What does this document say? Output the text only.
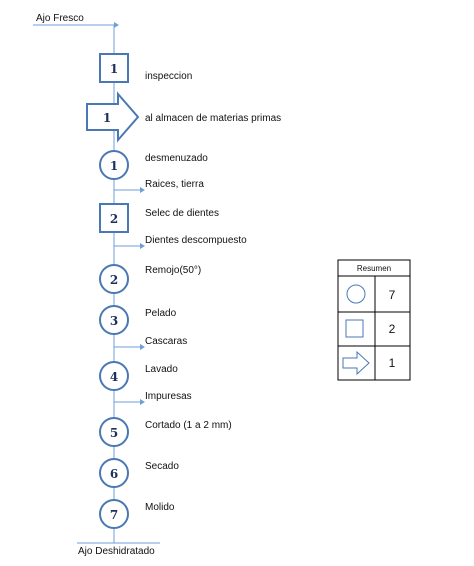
Ajo Fresco
1
inspeccion
1	al almacen de materias primas
1
desmenuzado
Raices, tierra
2	Selec de dientes
Dientes descompuesto
2
Remojo(50°)
3
Pelado
Cascaras
4
Lavado
Impuresas
5
Cortado (1 a 2 mm)
6
Secado
7
Molido
Ajo Deshidratado
Resumen
7
2
1
